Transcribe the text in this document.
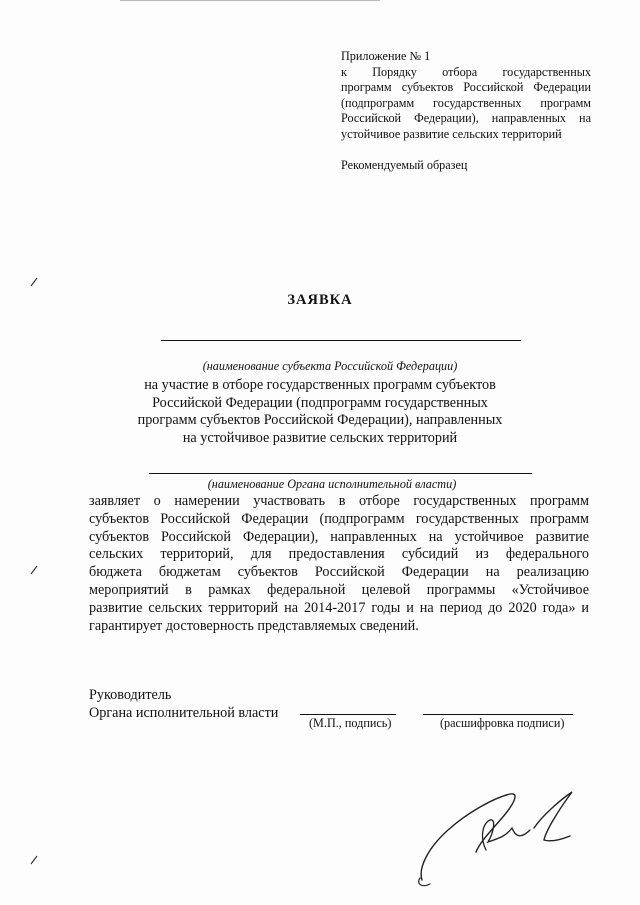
Приложение № 1
к Порядку отбора государственных
программ субъектов Российской Федерации
(подпрограмм государственных программ
Российской Федерации), направленных на
устойчивое развитие сельских территорий
Рекомендуемый образец
ЗАЯВКА
(наименование субъекта Российской Федерации)
на участие в отборе государственных программ субъектов
Российской Федерации (подпрограмм государственных
программ субъектов Российской Федерации), направленных
на устойчивое развитие сельских территорий
(наименование Органа исполнительной власти)
заявляет о намерении участвовать в отборе государственных программ
субъектов Российской Федерации (подпрограмм государственных программ
субъектов Российской Федерации), направленных на устойчивое развитие
сельских территорий, для предоставления субсидий из федерального
бюджета бюджетам субъектов Российской Федерации на реализацию
мероприятий в рамках федеральной целевой программы «Устойчивое
развитие сельских территорий на 2014-2017 годы и на период до 2020 года» и
гарантирует достоверность представляемых сведений.
Руководитель
Органа исполнительной власти
(М.П., подпись)	(расшифровка подписи)
